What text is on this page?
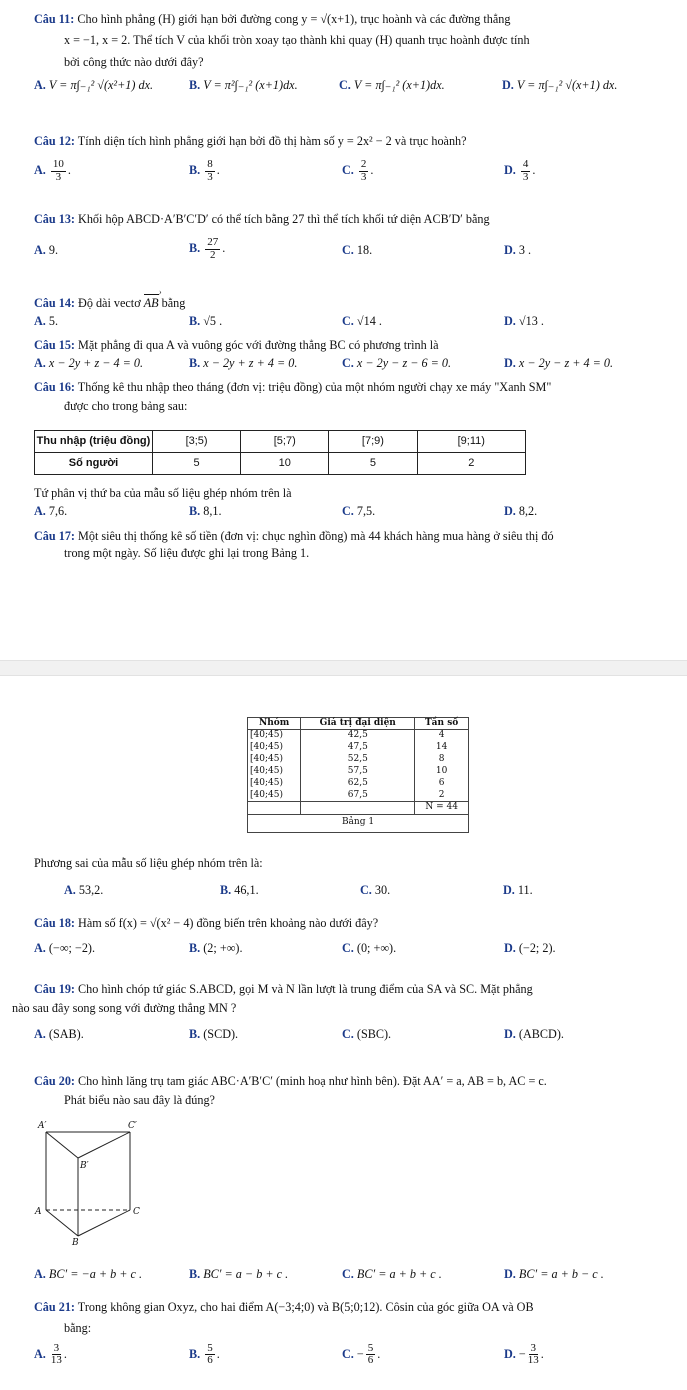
Câu 11: Cho hình phẳng (H) giới hạn bởi đường cong y = √(x+1), trục hoành và các đường thẳng
x = −1, x = 2. Thể tích V của khối tròn xoay tạo thành khi quay (H) quanh trục hoành được tính
bởi công thức nào dưới đây?
A. V = π∫₋₁² √(x²+1) dx.	B. V = π²∫₋₁² (x+1)dx.	C. V = π∫₋₁² (x+1)dx.	D. V = π∫₋₁² √(x+1) dx.
Câu 12: Tính diện tích hình phẳng giới hạn bởi đồ thị hàm số y = 2x² − 2 và trục hoành?
A. $\frac{10}{3}$ .	B. $\frac{8}{3}$ .	C. $\frac{2}{3}$ .	D. $\frac{4}{3}$ .
Câu 13: Khối hộp ABCD·A′B′C′D′ có thể tích bằng 27 thì thể tích khối tứ diện ACB′D′ bằng
A. 9.	B. $\frac{27}{2}$ .	C. 18.	D. 3 .
Câu 14: Độ dài vectơ AB › bằng
A. 5.	B. √5 .	C. √14 .	D. √13 .
Câu 15: Mặt phẳng đi qua A và vuông góc với đường thẳng BC có phương trình là
A. x − 2y + z − 4 = 0.	B. x − 2y + z + 4 = 0.	C. x − 2y − z − 6 = 0.	D. x − 2y − z + 4 = 0.
Câu 16: Thống kê thu nhập theo tháng (đơn vị: triệu đồng) của một nhóm người chạy xe máy "Xanh SM"
được cho trong bảng sau:
Thu nhập (triệu đồng)	[3;5)	[5;7)	[7;9)	[9;11)
Số người	5	10	5	2
Tứ phân vị thứ ba của mẫu số liệu ghép nhóm trên là
A. 7,6.	B. 8,1.	C. 7,5.	D. 8,2.
Câu 17: Một siêu thị thống kê số tiền (đơn vị: chục nghìn đồng) mà 44 khách hàng mua hàng ở siêu thị đó
trong một ngày. Số liệu được ghi lại trong Bảng 1.
Nhóm	Giá trị đại diện	Tần số
[40;45)	42,5	4
[40;45)	47,5	14
[40;45)	52,5	8
[40;45)	57,5	10
[40;45)	62,5	6
[40;45)	67,5	2
		N = 44
Bảng 1		
Phương sai của mẫu số liệu ghép nhóm trên là:
A. 53,2.	B. 46,1.	C. 30.	D. 11.
Câu 18: Hàm số f(x) = √(x² − 4) đồng biến trên khoảng nào dưới đây?
A. (−∞; −2).	B. (2; +∞).	C. (0; +∞).	D. (−2; 2).
Câu 19: Cho hình chóp tứ giác S.ABCD, gọi M và N lần lượt là trung điểm của SA và SC. Mặt phẳng
nào sau đây song song với đường thẳng MN ?
A. (SAB).	B. (SCD).	C. (SBC).	D. (ABCD).
Câu 20: Cho hình lăng trụ tam giác ABC·A′B′C′ (minh hoạ như hình bên). Đặt AA′ = a, AB = b, AC = c.
Phát biểu nào sau đây là đúng?
A′	C′
B′
A	C
B
A. BC′ = −a + b + c .	B. BC′ = a − b + c .	C. BC′ = a + b + c .	D. BC′ = a + b − c .
Câu 21: Trong không gian Oxyz, cho hai điểm A(−3;4;0) và B(5;0;12). Côsin của góc giữa OA và OB
bằng:
A. $\frac{3}{13}$ .	B. $\frac{5}{6}$ .	C. − $\frac{5}{6}$ .	D. − $\frac{3}{13}$ .
